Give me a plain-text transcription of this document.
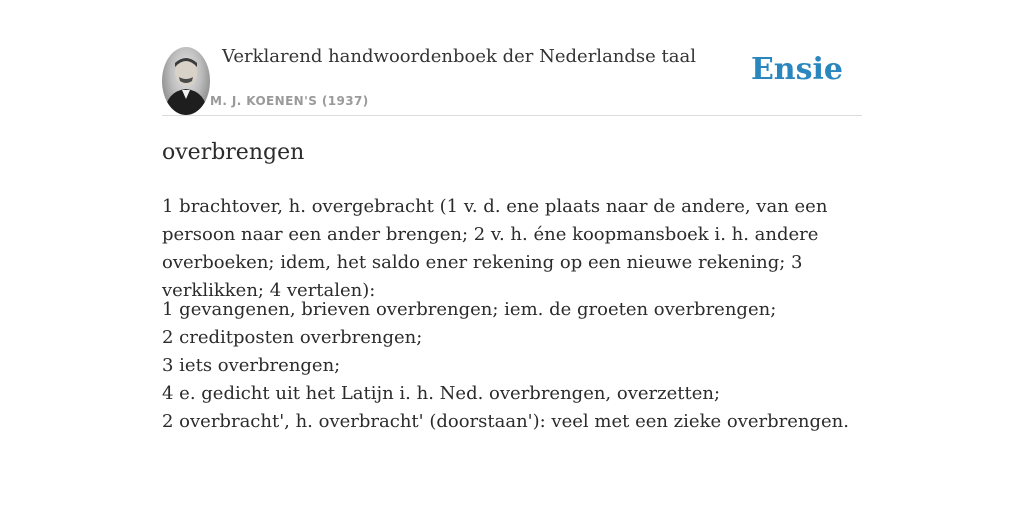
Verklarend handwoordenboek der Nederlandse taal
M. J. KOENEN'S (1937)
Ensie
overbrengen

1 brachtover, h. overgebracht (1 v. d. ene plaats naar de andere, van een persoon naar een ander brengen; 2 v. h. éne koopmansboek i. h. andere overboeken; idem, het saldo ener rekening op een nieuwe rekening; 3 verklikken; 4 vertalen):

1 gevangenen, brieven overbrengen; iem. de groeten overbrengen;
2 creditposten overbrengen;
3 iets overbrengen;
4 e. gedicht uit het Latijn i. h. Ned. overbrengen, overzetten;
2 overbracht', h. overbracht' (doorstaan'): veel met een zieke overbrengen.
